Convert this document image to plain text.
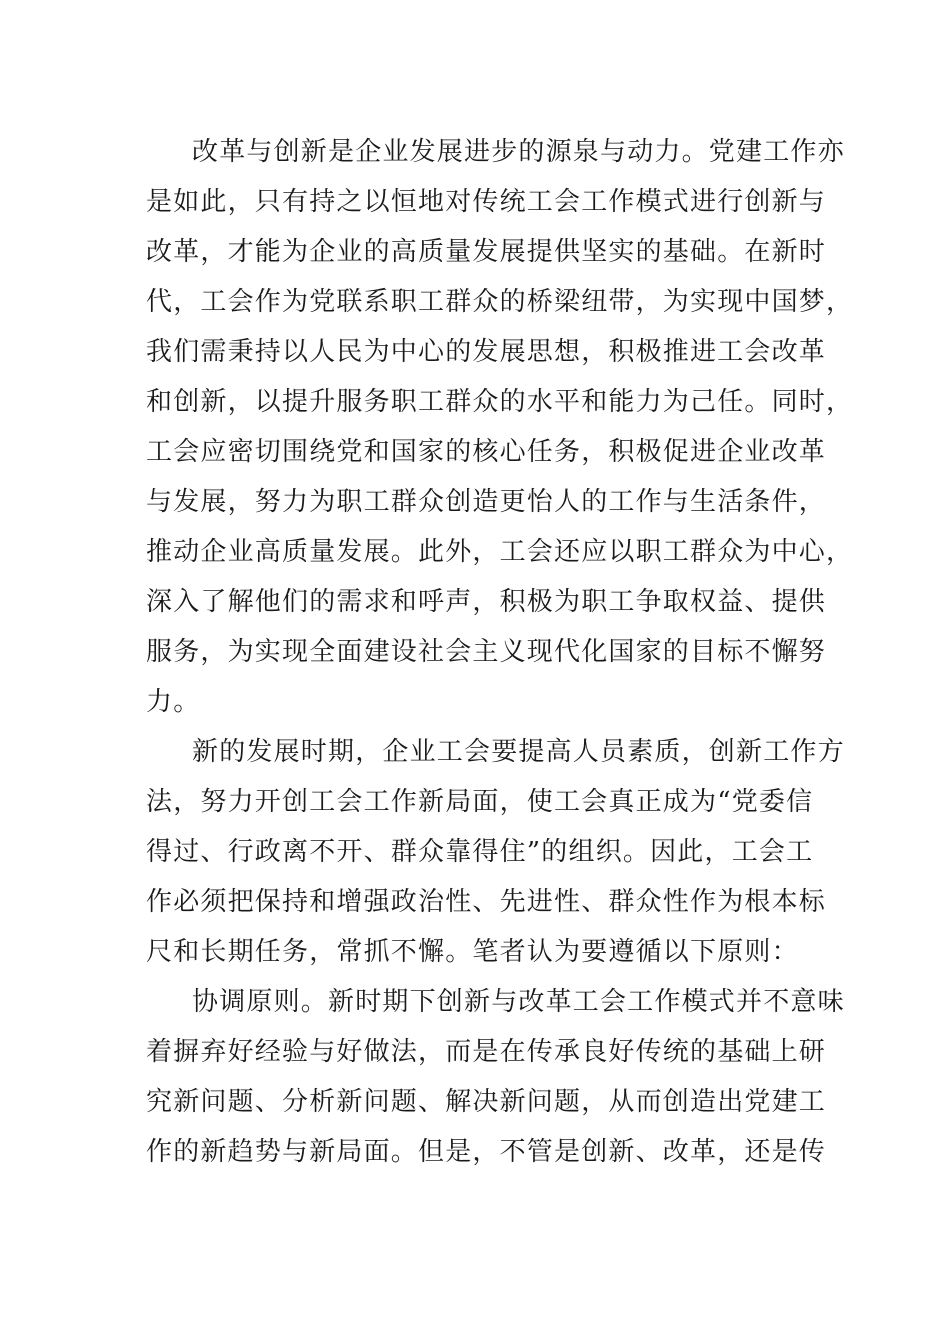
改革与创新是企业发展进步的源泉与动力。党建工作亦
是如此，只有持之以恒地对传统工会工作模式进行创新与
改革，才能为企业的高质量发展提供坚实的基础。在新时
代，工会作为党联系职工群众的桥梁纽带，为实现中国梦，
我们需秉持以人民为中心的发展思想，积极推进工会改革
和创新，以提升服务职工群众的水平和能力为己任。同时，
工会应密切围绕党和国家的核心任务，积极促进企业改革
与发展，努力为职工群众创造更怡人的工作与生活条件，
推动企业高质量发展。此外，工会还应以职工群众为中心，
深入了解他们的需求和呼声，积极为职工争取权益、提供
服务，为实现全面建设社会主义现代化国家的目标不懈努
力。
新的发展时期，企业工会要提高人员素质，创新工作方
法，努力开创工会工作新局面，使工会真正成为“党委信
得过、行政离不开、群众靠得住”的组织。因此，工会工
作必须把保持和增强政治性、先进性、群众性作为根本标
尺和长期任务，常抓不懈。笔者认为要遵循以下原则：
协调原则。新时期下创新与改革工会工作模式并不意味
着摒弃好经验与好做法，而是在传承良好传统的基础上研
究新问题、分析新问题、解决新问题，从而创造出党建工
作的新趋势与新局面。但是，不管是创新、改革，还是传
